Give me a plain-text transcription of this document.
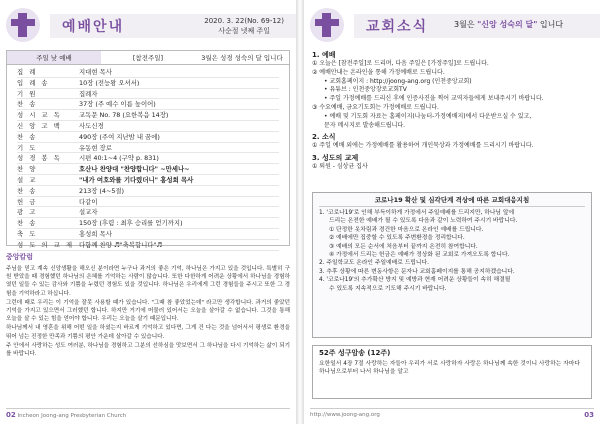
예배안내	2020. 3. 22(No. 69-12)
사순절 넷째 주일
주일 낮 예배	[참전주일]	3월은 성경 성숙의 달 입니다
집 례	지대현 목사
입 례 송	10장 (전능왕 오셔서)
기 원	집례자
찬 송	37장 (주 예수 이름 높이어)
성 시 교 독	교독문 No. 78 (요한복음 14장)
신 앙 고 백	사도신경
찬 송	490장 (주여 지난밤 내 꿈에)
기 도	유동현 장로
성 경 봉 독	시편 40:1~4 (구약 p. 831)
찬 양	호산나 찬양대 "찬양합니다" ~만세나~
설 교	"내가 여호와를 기다렸더니" 홍성희 목사
찬 송	213장 (4~5절)
헌 금	다같이
광 고	설교자
찬 송	150장 (후렴 : 최후 승리를 얻기까지)
축 도	홍성희 목사
성 도 의 교 제 다함께 찬양 ♬"축복합니다"♬
중앙칼럼

주님을 믿고 계속 신앙생활을 해오신 분이라면 누구나 과거의 좋은 기억, 하나님은 가지고 있을 것입니다. 특별히 구원 받았을 때 경험했던 하나님의 은혜를 기억하는 사람이 많습니다. 또한 다한하게 어려운 상황에서 하나님을 경험하였던 일들 수 있는 감사와 기쁨을 누렸던 경험도 있을 것입니다. 하나님은 우리에게 그런 경험들을 주시고 또한 그 경험을 기억하라고 하십니다.

그런데 때로 우리는 이 기억을 잘못 사용할 때가 있습니다. "그때 참 좋았었는데" 라고만 생각합니다. 과거의 좋았던 기억을 가지고 있으면서 그러했던 합니다. 하지만 거기에 머물러 있어서는 오늘을 살아갈 수 없습니다. 그것을 통해 오늘을 살 수 있는 힘을 얻어야 합니다. 우리는 오늘을 살기 때문입니다.

하나님께서 내 영혼을 위해 어떤 일을 하셨는지 바르게 기억하고 있다면, 그게 건 다는 것을 넘어서서 평생로 환경을 뛰어 넘는 진정한 만족과 기쁨의 평안 가운데 살아갈 수 있습니다.

주 안에서 사랑하는 성도 여러분, 하나님을 경험하고 그분의 선하심을 맛보면서 그 하나님을 다시 기억하는 삶이 되기를 바랍니다.

02 Incheon Joong-ang Presbyterian Church
교회소식	3월은 "신앙 성숙의 달" 입니다
1. 예배
① 오늘은 [참전주일]로 드리며, 다음 주일은 [가정주일]로 드립니다.
② 예배안내는 온라인을 통해 가정예배로 드립니다.
• 교회홈페이지 : http://joong-ang.org (인천중앙교회)
• 유튜브 : 인천중앙장로교회TV
• 주일 가정예배를 드리신 후에 인증사진을 찍어 교역자들에게 보내주시기 바랍니다.
③ 수요예배, 금요기도회는 가정예배로 드립니다.
• 예배 및 기도회 자료는 홈페이지(나눔터-가정예배지)에서 다운받으실 수 있고,
문자 메시지로 발송해드립니다.
2. 소식
① 주일 예배 외에는 가정예배를 활용하여 개인묵상과 가정예배를 드리시기 바랍니다.
3. 성도의 교제
① 퇴원 - 심상균 집사
코로나19 확산 및 심각단계 격상에 따른 교회대응지침
1. '코로나19'로 인해 부득이하게 가정에서 주일예배를 드리지만, 하나님 앞에
드리는 온전한 예배가 될 수 있도록 다음과 같이 노력하여 주시기 바랍니다.
① 단정한 옷차림과 경건한 마음으로 온라인 예배를 드립니다.
② 예배에만 집중할 수 있도록 주변환경을 정리합니다.
③ 예배의 모든 순서에 처음부터 끝까지 온전히 참여합니다.
④ 가정에서 드리는 헌금은 예배가 정상화 된 교회로 가져오도록 합니다.
2. 주일학교도 온라인 주일예배로 드립니다.
3. 추후 상황에 따른 변동사항은 문자나 교회홈페이지를 통해 공지하겠습니다.
4. '코로나19'의 추가확산 방지 및 예방과 현재 어려운 상황들이 속히 해결될
수 있도록 지속적으로 기도해 주시기 바랍니다.
52주 성구암송 (12주)

요한일서 4장 7절 사랑하는 자들아 우리가 서로 사랑하자 사랑은 하나님께 속한 것이니 사랑하는 자마다 하나님으로부터 나서 하나님을 알고

http://www.joong-ang.org	03
